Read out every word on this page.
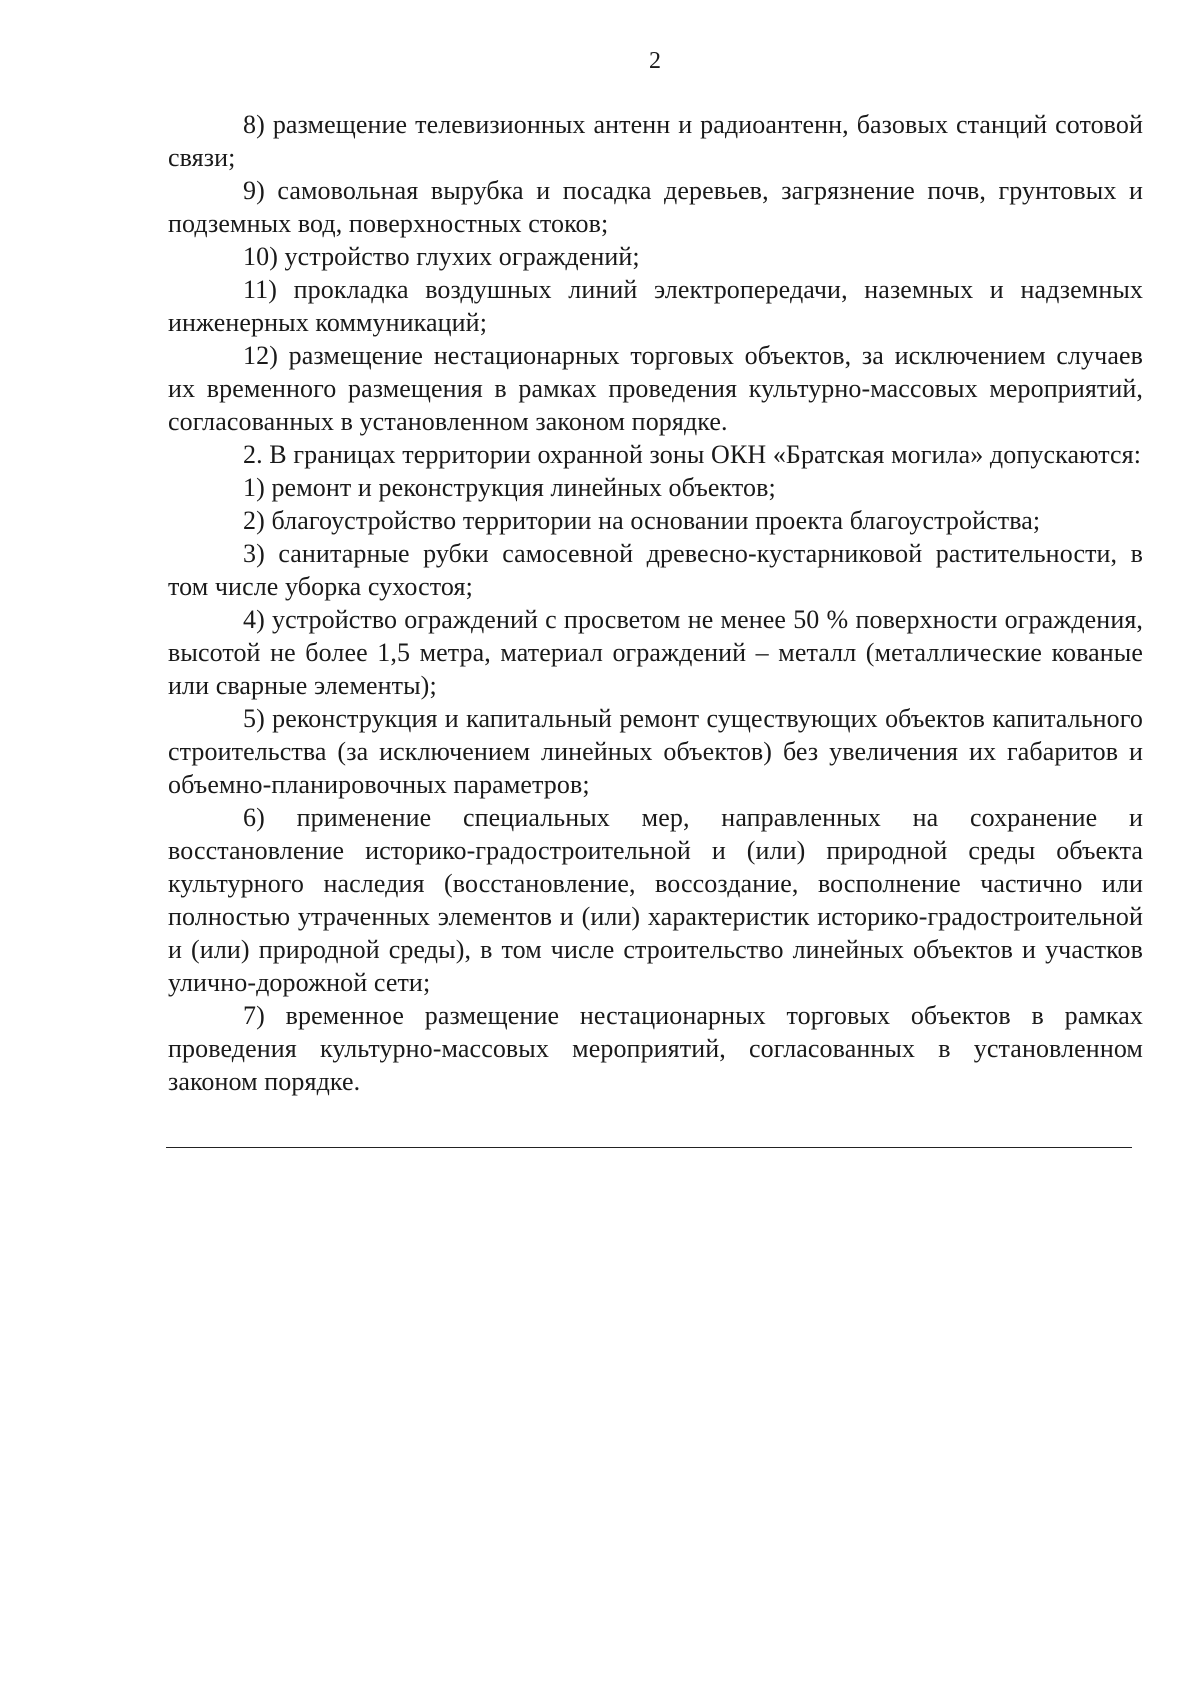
2

8) размещение телевизионных антенн и радиоантенн, базовых станций сотовой связи;

9) самовольная вырубка и посадка деревьев, загрязнение почв, грунтовых и подземных вод, поверхностных стоков;

10) устройство глухих ограждений;

11) прокладка воздушных линий электропередачи, наземных и надземных инженерных коммуникаций;

12) размещение нестационарных торговых объектов, за исключением случаев их временного размещения в рамках проведения культурно-массовых мероприятий, согласованных в установленном законом порядке.

2. В границах территории охранной зоны ОКН «Братская могила» допускаются:

1) ремонт и реконструкция линейных объектов;

2) благоустройство территории на основании проекта благоустройства;

3) санитарные рубки самосевной древесно-кустарниковой растительности, в том числе уборка сухостоя;

4) устройство ограждений с просветом не менее 50 % поверхности ограждения, высотой не более 1,5 метра, материал ограждений – металл (металлические кованые или сварные элементы);

5) реконструкция и капитальный ремонт существующих объектов капитального строительства (за исключением линейных объектов) без увеличения их габаритов и объемно-планировочных параметров;

6) применение специальных мер, направленных на сохранение и восстановление историко-градостроительной и (или) природной среды объекта культурного наследия (восстановление, воссоздание, восполнение частично или полностью утраченных элементов и (или) характеристик историко-градостроительной и (или) природной среды), в том числе строительство линейных объектов и участков улично-дорожной сети;

7) временное размещение нестационарных торговых объектов в рамках проведения культурно-массовых мероприятий, согласованных в установленном законом порядке.
